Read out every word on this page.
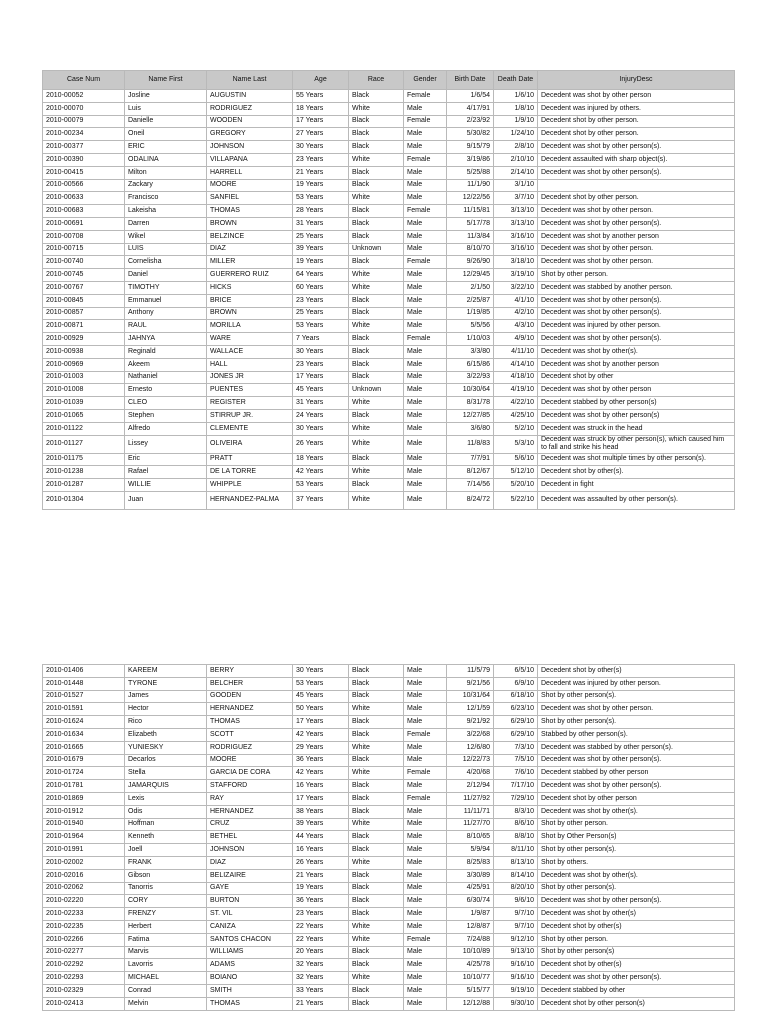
Case Num	Name First	Name Last	Age	Race	Gender	Birth Date	Death Date	InjuryDesc
2010-00052	Josline	AUGUSTIN	55 Years	Black	Female	1/6/54	1/6/10	Decedent was shot by other person
2010-00070	Luis	RODRIGUEZ	18 Years	White	Male	4/17/91	1/8/10	Decedent was injured by others.
2010-00079	Danielle	WOODEN	17 Years	Black	Female	2/23/92	1/9/10	Decedent shot by other person.
2010-00234	Oneil	GREGORY	27 Years	Black	Male	5/30/82	1/24/10	Decedent shot by other person.
2010-00377	ERIC	JOHNSON	30 Years	Black	Male	9/15/79	2/8/10	Decedent was shot by other person(s).
2010-00390	ODALINA	VILLAPANA	23 Years	White	Female	3/19/86	2/10/10	Decedent assaulted with sharp object(s).
2010-00415	Milton	HARRELL	21 Years	Black	Male	5/25/88	2/14/10	Decedent was shot by other person(s).
2010-00566	Zackary	MOORE	19 Years	Black	Male	11/1/90	3/1/10	
2010-00633	Francisco	SANFIEL	53 Years	White	Male	12/22/56	3/7/10	Decedent shot by other person.
2010-00683	Lakeisha	THOMAS	28 Years	Black	Female	11/15/81	3/13/10	Decedent was shot by other person.
2010-00691	Darren	BROWN	31 Years	Black	Male	5/17/78	3/13/10	Decedent was shot by other person(s).
2010-00708	Wikel	BELZINCE	25 Years	Black	Male	11/3/84	3/16/10	Decedent was shot by another person
2010-00715	LUIS	DIAZ	39 Years	Unknown	Male	8/10/70	3/16/10	Decedent was shot by other person.
2010-00740	Cornelisha	MILLER	19 Years	Black	Female	9/26/90	3/18/10	Decedent was shot by other person.
2010-00745	Daniel	GUERRERO RUIZ	64 Years	White	Male	12/29/45	3/19/10	Shot by other person.
2010-00767	TIMOTHY	HICKS	60 Years	White	Male	2/1/50	3/22/10	Decedent was stabbed by another person.
2010-00845	Emmanuel	BRICE	23 Years	Black	Male	2/25/87	4/1/10	Decedent was shot by other person(s).
2010-00857	Anthony	BROWN	25 Years	Black	Male	1/19/85	4/2/10	Decedent was shot by other person(s).
2010-00871	RAUL	MORILLA	53 Years	White	Male	5/5/56	4/3/10	Decedent was injured by other person.
2010-00929	JAHNYA	WARE	7 Years	Black	Female	1/10/03	4/9/10	Decedent was shot by other person(s).
2010-00938	Reginald	WALLACE	30 Years	Black	Male	3/3/80	4/11/10	Decedent was shot by other(s).
2010-00969	Akeem	HALL	23 Years	Black	Male	6/15/86	4/14/10	Decedent was shot by another person
2010-01003	Nathaniel	JONES JR	17 Years	Black	Male	3/22/93	4/18/10	Decedent shot by other
2010-01008	Ernesto	PUENTES	45 Years	Unknown	Male	10/30/64	4/19/10	Decedent was shot by other person
2010-01039	CLEO	REGISTER	31 Years	White	Male	8/31/78	4/22/10	Decedent stabbed by other person(s)
2010-01065	Stephen	STIRRUP JR.	24 Years	Black	Male	12/27/85	4/25/10	Decedent was shot by other person(s)
2010-01122	Alfredo	CLEMENTE	30 Years	White	Male	3/6/80	5/2/10	Decedent was struck in the head
2010-01127	Lissey	OLIVEIRA	26 Years	White	Male	11/8/83	5/3/10	Decedent was struck by other person(s), which caused him to fall and strike his head
2010-01175	Eric	PRATT	18 Years	Black	Male	7/7/91	5/6/10	Decedent was shot multiple times by other person(s).
2010-01238	Rafael	DE LA TORRE	42 Years	White	Male	8/12/67	5/12/10	Decedent shot by other(s).
2010-01287	WILLIE	WHIPPLE	53 Years	Black	Male	7/14/56	5/20/10	Decedent in fight
2010-01304	Juan	HERNANDEZ-PALMA	37 Years	White	Male	8/24/72	5/22/10	Decedent was assaulted by other person(s).
2010-01406	KAREEM	BERRY	30 Years	Black	Male	11/5/79	6/5/10	Decedent shot by other(s)
2010-01448	TYRONE	BELCHER	53 Years	Black	Male	9/21/56	6/9/10	Decedent was injured by other person.
2010-01527	James	GOODEN	45 Years	Black	Male	10/31/64	6/18/10	Shot by other person(s).
2010-01591	Hector	HERNANDEZ	50 Years	White	Male	12/1/59	6/23/10	Decedent was shot by other person.
2010-01624	Rico	THOMAS	17 Years	Black	Male	9/21/92	6/29/10	Shot by other person(s).
2010-01634	Elizabeth	SCOTT	42 Years	Black	Female	3/22/68	6/29/10	Stabbed by other person(s).
2010-01665	YUNIESKY	RODRIGUEZ	29 Years	White	Male	12/6/80	7/3/10	Decedent was stabbed by other person(s).
2010-01679	Decarlos	MOORE	36 Years	Black	Male	12/22/73	7/5/10	Decedent was shot by other person(s).
2010-01724	Stella	GARCIA DE CORA	42 Years	White	Female	4/20/68	7/6/10	Decedent stabbed by other person
2010-01781	JAMARQUIS	STAFFORD	16 Years	Black	Male	2/12/94	7/17/10	Decedent was shot by other person(s).
2010-01869	Lexis	RAY	17 Years	Black	Female	11/27/92	7/29/10	Decedent shot by other person
2010-01912	Odis	HERNANDEZ	38 Years	Black	Male	11/11/71	8/3/10	Decedent was shot by other(s).
2010-01940	Hoffman	CRUZ	39 Years	White	Male	11/27/70	8/6/10	Shot by other person.
2010-01964	Kenneth	BETHEL	44 Years	Black	Male	8/10/65	8/8/10	Shot by Other Person(s)
2010-01991	Joell	JOHNSON	16 Years	Black	Male	5/9/94	8/11/10	Shot by other person(s).
2010-02002	FRANK	DIAZ	26 Years	White	Male	8/25/83	8/13/10	Shot by others.
2010-02016	Gibson	BELIZAIRE	21 Years	Black	Male	3/30/89	8/14/10	Decedent was shot by other(s).
2010-02062	Tanorris	GAYE	19 Years	Black	Male	4/25/91	8/20/10	Shot by other person(s).
2010-02220	CORY	BURTON	36 Years	Black	Male	6/30/74	9/6/10	Decedent was shot by other person(s).
2010-02233	FRENZY	ST. VIL	23 Years	Black	Male	1/9/87	9/7/10	Decedent was shot by other(s)
2010-02235	Herbert	CANIZA	22 Years	White	Male	12/8/87	9/7/10	Decedent shot by other(s)
2010-02266	Fatima	SANTOS CHACON	22 Years	White	Female	7/24/88	9/12/10	Shot by other person.
2010-02277	Marvis	WILLIAMS	20 Years	Black	Male	10/10/89	9/13/10	Shot by other person(s)
2010-02292	Lavorris	ADAMS	32 Years	Black	Male	4/25/78	9/16/10	Decedent shot by other(s)
2010-02293	MICHAEL	BOIANO	32 Years	White	Male	10/10/77	9/16/10	Decedent was shot by other person(s).
2010-02329	Conrad	SMITH	33 Years	Black	Male	5/15/77	9/19/10	Decedent stabbed by other
2010-02413	Melvin	THOMAS	21 Years	Black	Male	12/12/88	9/30/10	Decedent shot by other person(s)
